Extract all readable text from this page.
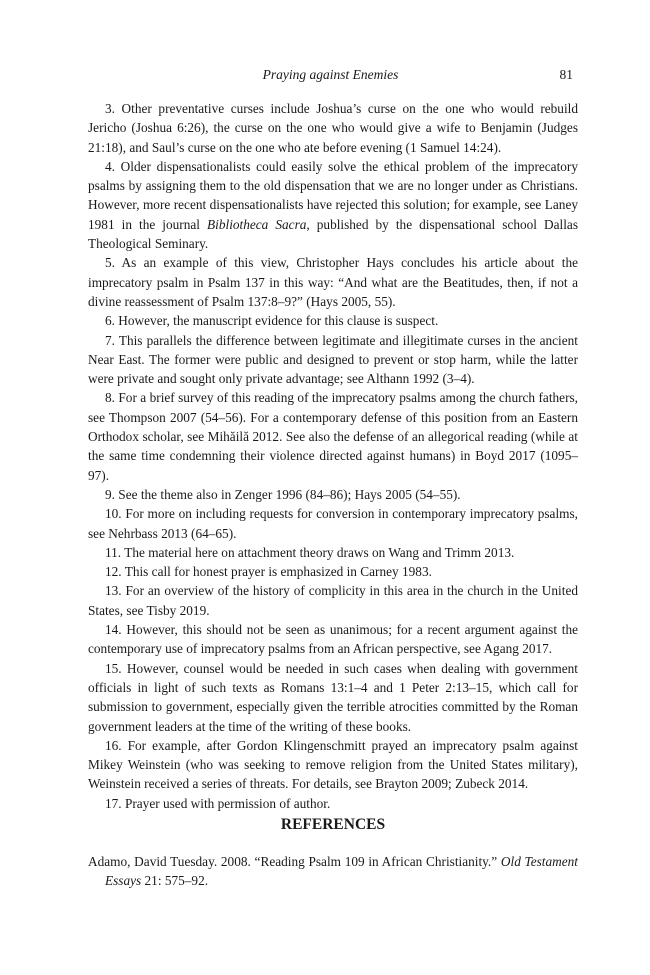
Praying against Enemies	81

3. Other preventative curses include Joshua’s curse on the one who would rebuild Jericho (Joshua 6:26), the curse on the one who would give a wife to Benjamin (Judges 21:18), and Saul’s curse on the one who ate before evening (1 Samuel 14:24).

4. Older dispensationalists could easily solve the ethical problem of the imprecatory psalms by assigning them to the old dispensation that we are no longer under as Christians. However, more recent dispensationalists have rejected this solution; for example, see Laney 1981 in the journal Bibliotheca Sacra, published by the dispensational school Dallas Theological Seminary.

5. As an example of this view, Christopher Hays concludes his article about the imprecatory psalm in Psalm 137 in this way: “And what are the Beatitudes, then, if not a divine reassessment of Psalm 137:8–9?” (Hays 2005, 55).

6. However, the manuscript evidence for this clause is suspect.

7. This parallels the difference between legitimate and illegitimate curses in the ancient Near East. The former were public and designed to prevent or stop harm, while the latter were private and sought only private advantage; see Althann 1992 (3–4).

8. For a brief survey of this reading of the imprecatory psalms among the church fathers, see Thompson 2007 (54–56). For a contemporary defense of this position from an Eastern Orthodox scholar, see Mihăilă 2012. See also the defense of an allegorical reading (while at the same time condemning their violence directed against humans) in Boyd 2017 (1095–97).

9. See the theme also in Zenger 1996 (84–86); Hays 2005 (54–55).

10. For more on including requests for conversion in contemporary imprecatory psalms, see Nehrbass 2013 (64–65).

11. The material here on attachment theory draws on Wang and Trimm 2013.

12. This call for honest prayer is emphasized in Carney 1983.

13. For an overview of the history of complicity in this area in the church in the United States, see Tisby 2019.

14. However, this should not be seen as unanimous; for a recent argument against the contemporary use of imprecatory psalms from an African perspective, see Agang 2017.

15. However, counsel would be needed in such cases when dealing with government officials in light of such texts as Romans 13:1–4 and 1 Peter 2:13–15, which call for submission to government, especially given the terrible atrocities committed by the Roman government leaders at the time of the writing of these books.

16. For example, after Gordon Klingenschmitt prayed an imprecatory psalm against Mikey Weinstein (who was seeking to remove religion from the United States military), Weinstein received a series of threats. For details, see Brayton 2009; Zubeck 2014.

17. Prayer used with permission of author.

REFERENCES
Adamo, David Tuesday. 2008. “Reading Psalm 109 in African Christianity.” Old Testament Essays 21: 575–92.
